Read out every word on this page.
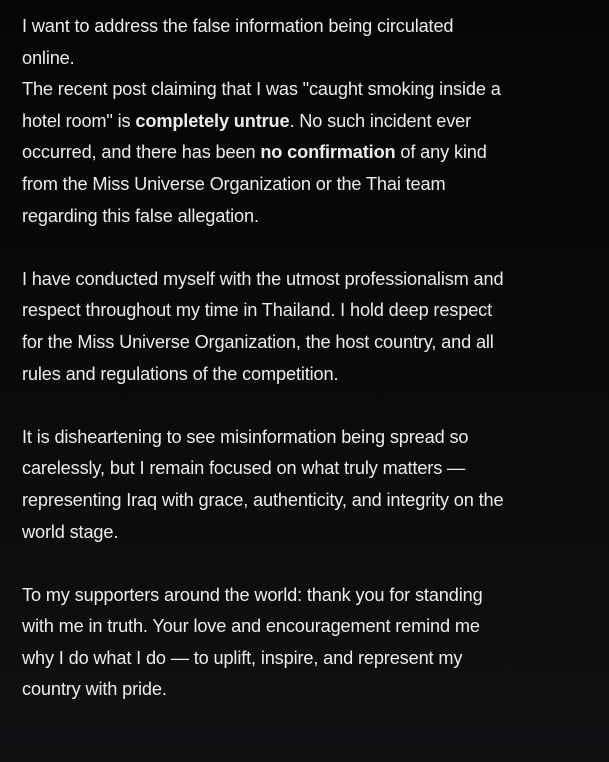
I want to address the false information being circulated
online.
The recent post claiming that I was "caught smoking inside a
hotel room" is completely untrue. No such incident ever
occurred, and there has been no confirmation of any kind
from the Miss Universe Organization or the Thai team
regarding this false allegation.
I have conducted myself with the utmost professionalism and
respect throughout my time in Thailand. I hold deep respect
for the Miss Universe Organization, the host country, and all
rules and regulations of the competition.
It is disheartening to see misinformation being spread so
carelessly, but I remain focused on what truly matters —
representing Iraq with grace, authenticity, and integrity on the
world stage.
To my supporters around the world: thank you for standing
with me in truth. Your love and encouragement remind me
why I do what I do — to uplift, inspire, and represent my
country with pride.
